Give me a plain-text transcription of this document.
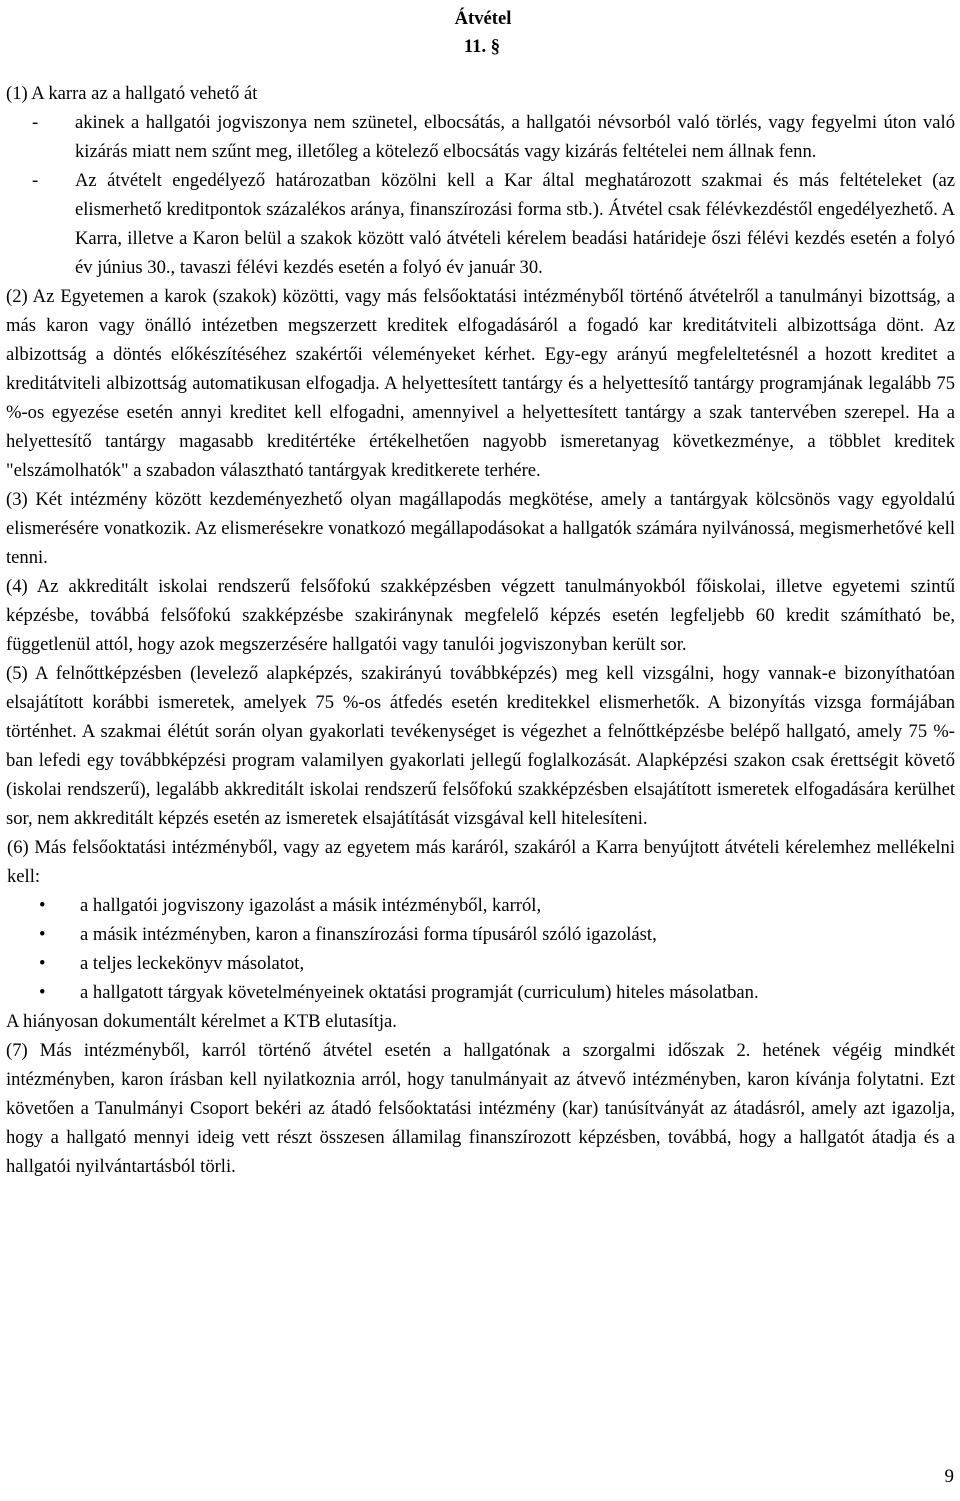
Átvétel
11. §

(1) A karra az a hallgató vehető át

- akinek a hallgatói jogviszonya nem szünetel, elbocsátás, a hallgatói névsorból való törlés, vagy fegyelmi úton való kizárás miatt nem szűnt meg, illetőleg a kötelező elbocsátás vagy kizárás feltételei nem állnak fenn.
- Az átvételt engedélyező határozatban közölni kell a Kar által meghatározott szakmai és más feltételeket (az elismerhető kreditpontok százalékos aránya, finanszírozási forma stb.). Átvétel csak félévkezdéstől engedélyezhető. A Karra, illetve a Karon belül a szakok között való átvételi kérelem beadási határideje őszi félévi kezdés esetén a folyó év június 30., tavaszi félévi kezdés esetén a folyó év január 30.

(2) Az Egyetemen a karok (szakok) közötti, vagy más felsőoktatási intézményből történő átvételről a tanulmányi bizottság, a más karon vagy önálló intézetben megszerzett kreditek elfogadásáról a fogadó kar kreditátviteli albizottsága dönt. Az albizottság a döntés előkészítéséhez szakértői véleményeket kérhet. Egy-egy arányú megfeleltetésnél a hozott kreditet a kreditátviteli albizottság automatikusan elfogadja. A helyettesített tantárgy és a helyettesítő tantárgy programjának legalább 75 %-os egyezése esetén annyi kreditet kell elfogadni, amennyivel a helyettesített tantárgy a szak tantervében szerepel. Ha a helyettesítő tantárgy magasabb kreditértéke értékelhetően nagyobb ismeretanyag következménye, a többlet kreditek "elszámolhatók" a szabadon választható tantárgyak kreditkerete terhére.

(3) Két intézmény között kezdeményezhető olyan magállapodás megkötése, amely a tantárgyak kölcsönös vagy egyoldalú elismerésére vonatkozik. Az elismerésekre vonatkozó megállapodásokat a hallgatók számára nyilvánossá, megismerhetővé kell tenni.

(4) Az akkreditált iskolai rendszerű felsőfokú szakképzésben végzett tanulmányokból főiskolai, illetve egyetemi szintű képzésbe, továbbá felsőfokú szakképzésbe szakiránynak megfelelő képzés esetén legfeljebb 60 kredit számítható be, függetlenül attól, hogy azok megszerzésére hallgatói vagy tanulói jogviszonyban került sor.

(5) A felnőttképzésben (levelező alapképzés, szakirányú továbbképzés) meg kell vizsgálni, hogy vannak-e bizonyíthatóan elsajátított korábbi ismeretek, amelyek 75 %-os átfedés esetén kreditekkel elismerhetők. A bizonyítás vizsga formájában történhet. A szakmai élétút során olyan gyakorlati tevékenységet is végezhet a felnőttképzésbe belépő hallgató, amely 75 %-ban lefedi egy továbbképzési program valamilyen gyakorlati jellegű foglalkozását. Alapképzési szakon csak érettségit követő (iskolai rendszerű), legalább akkreditált iskolai rendszerű felsőfokú szakképzésben elsajátított ismeretek elfogadására kerülhet sor, nem akkreditált képzés esetén az ismeretek elsajátítását vizsgával kell hitelesíteni.

(6) Más felsőoktatási intézményből, vagy az egyetem más karáról, szakáról a Karra benyújtott átvételi kérelemhez mellékelni kell:

• a hallgatói jogviszony igazolást a másik intézményből, karról,
• a másik intézményben, karon a finanszírozási forma típusáról szóló igazolást,
• a teljes leckekönyv másolatot,
• a hallgatott tárgyak követelményeinek oktatási programját (curriculum) hiteles másolatban.

A hiányosan dokumentált kérelmet a KTB elutasítja.

(7) Más intézményből, karról történő átvétel esetén a hallgatónak a szorgalmi időszak 2. hetének végéig mindkét intézményben, karon írásban kell nyilatkoznia arról, hogy tanulmányait az átvevő intézményben, karon kívánja folytatni. Ezt követően a Tanulmányi Csoport bekéri az átadó felsőoktatási intézmény (kar) tanúsítványát az átadásról, amely azt igazolja, hogy a hallgató mennyi ideig vett részt összesen államilag finanszírozott képzésben, továbbá, hogy a hallgatót átadja és a hallgatói nyilvántartásból törli.

9
